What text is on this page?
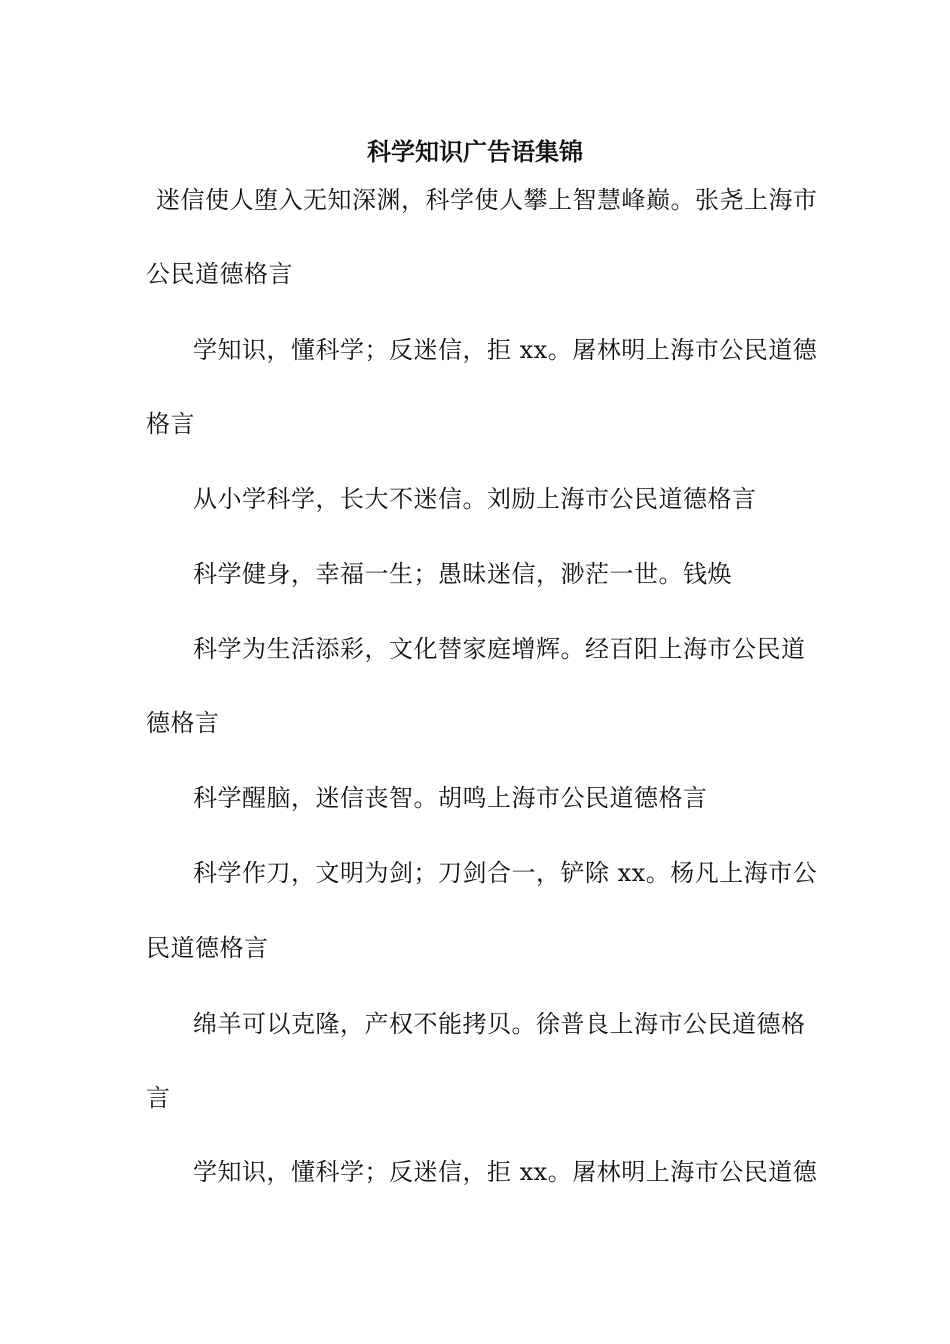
科学知识广告语集锦
迷信使人堕入无知深渊，科学使人攀上智慧峰巅。张尧上海市
公民道德格言
学知识，懂科学；反迷信，拒 xx。屠林明上海市公民道德
格言
从小学科学，长大不迷信。刘励上海市公民道德格言
科学健身，幸福一生；愚昧迷信，渺茫一世。钱焕
科学为生活添彩，文化替家庭增辉。经百阳上海市公民道
德格言
科学醒脑，迷信丧智。胡鸣上海市公民道德格言
科学作刀，文明为剑；刀剑合一，铲除 xx。杨凡上海市公
民道德格言
绵羊可以克隆，产权不能拷贝。徐普良上海市公民道德格
言
学知识，懂科学；反迷信，拒 xx。屠林明上海市公民道德
